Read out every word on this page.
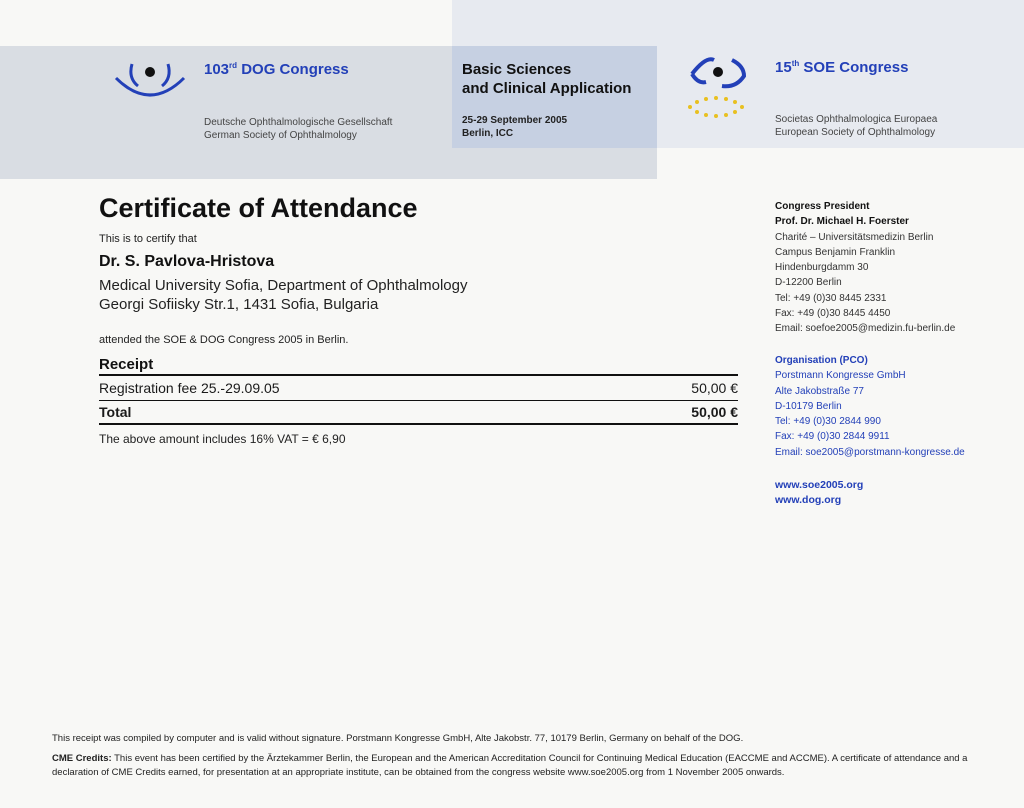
103rd DOG Congress
Deutsche Ophthalmologische Gesellschaft
German Society of Ophthalmology
Basic Sciences
and Clinical Application
25-29 September 2005
Berlin, ICC
15th SOE Congress
Societas Ophthalmologica Europaea
European Society of Ophthalmology
Certificate of Attendance
This is to certify that
Dr. S. Pavlova-Hristova
Medical University Sofia, Department of Ophthalmology
Georgi Sofiisky Str.1, 1431 Sofia, Bulgaria
attended the SOE & DOG Congress 2005 in Berlin.
Receipt
Registration fee 25.-29.09.05	50,00 €
Total	50,00 €
The above amount includes 16% VAT = € 6,90
Congress President
Prof. Dr. Michael H. Foerster
Charité – Universitätsmedizin Berlin
Campus Benjamin Franklin
Hindenburgdamm 30
D-12200 Berlin
Tel: +49 (0)30 8445 2331
Fax: +49 (0)30 8445 4450
Email: soefoe2005@medizin.fu-berlin.de
Organisation (PCO)
Porstmann Kongresse GmbH
Alte Jakobstraße 77
D-10179 Berlin
Tel: +49 (0)30 2844 990
Fax: +49 (0)30 2844 9911
Email: soe2005@porstmann-kongresse.de
www.soe2005.org
www.dog.org
This receipt was compiled by computer and is valid without signature. Porstmann Kongresse GmbH, Alte Jakobstr. 77, 10179 Berlin, Germany on behalf of the DOG.
CME Credits: This event has been certified by the Ärztekammer Berlin, the European and the American Accreditation Council for Continuing Medical Education (EACCME and ACCME). A certificate of attendance and a declaration of CME Credits earned, for presentation at an appropriate institute, can be obtained from the congress website www.soe2005.org from 1 November 2005 onwards.
